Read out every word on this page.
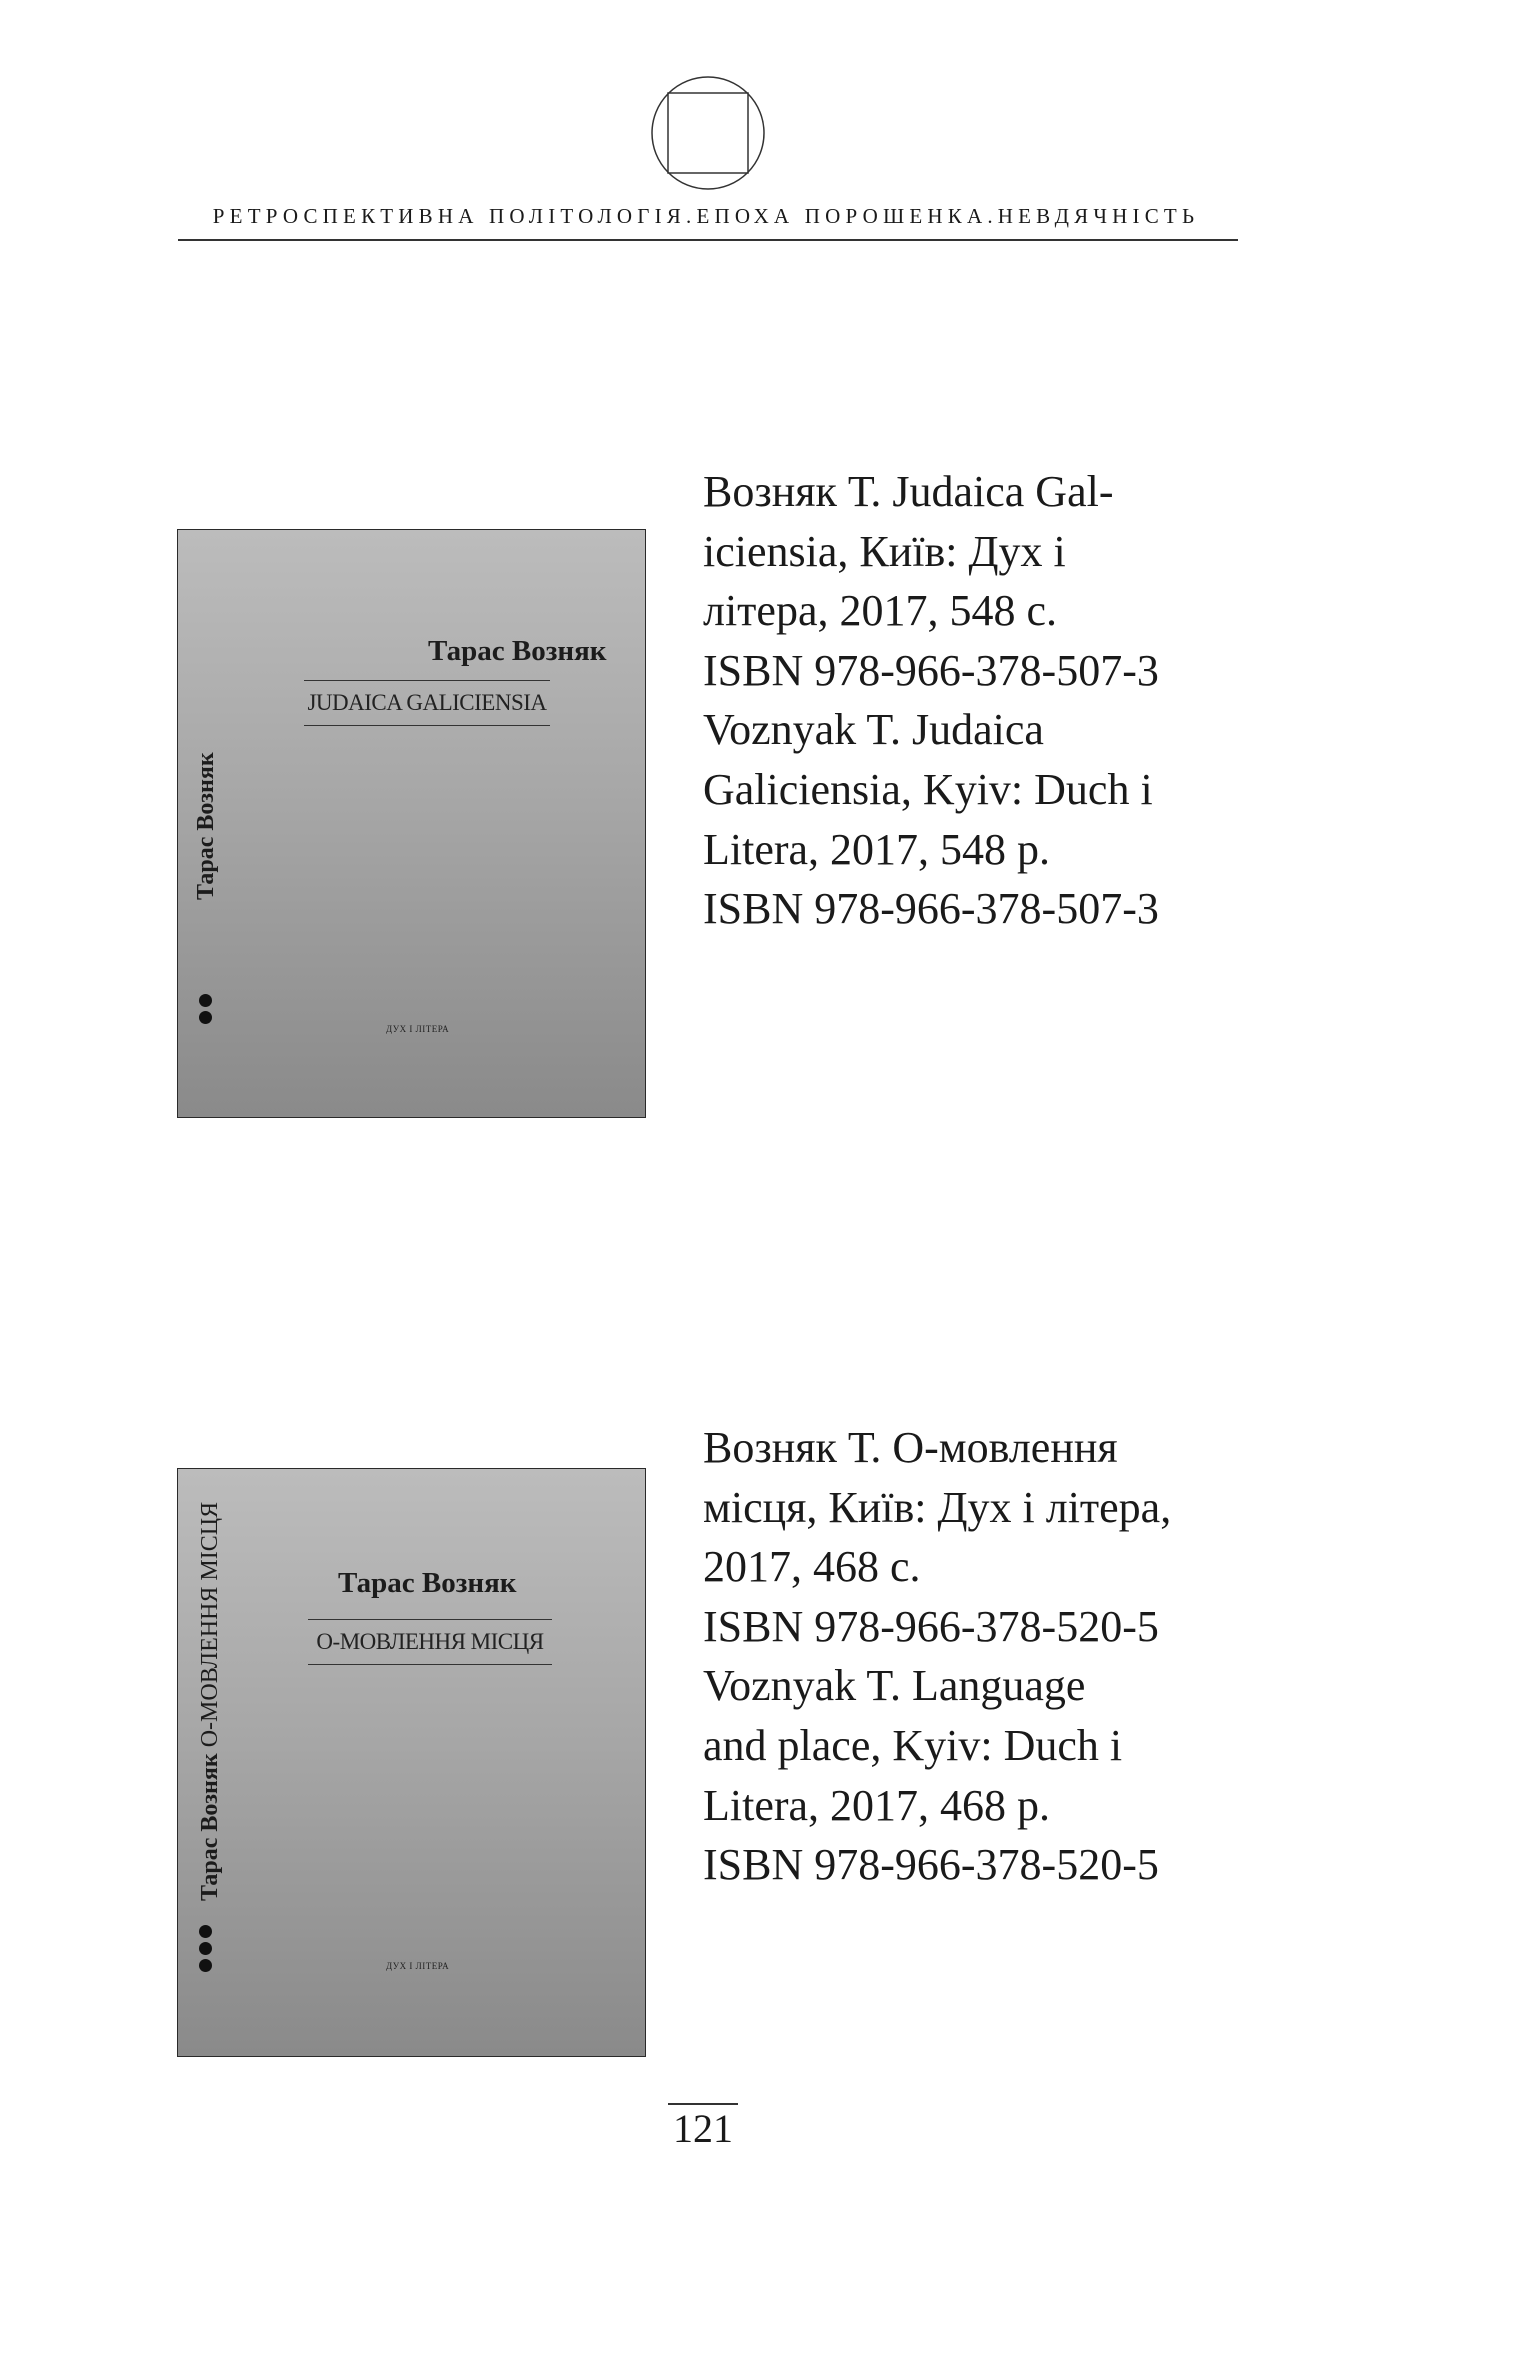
РЕТРОСПЕКТИВНА ПОЛІТОЛОГІЯ.ЕПОХА ПОРОШЕНКА.НЕВДЯЧНІСТЬ
Тарас Возняк
JUDAICA GALICIENSIA
Тарас Возняк
ДУХ І ЛІТЕРА
Возняк Т. Judaica Gal-
iciensia, Київ: Дух і
літера, 2017, 548 с.
ISBN 978-966-378-507-3
Voznyak T. Judaica
Galiciensia, Kyiv: Duch i
Litera, 2017, 548 p.
ISBN 978-966-378-507-3
Тарас Возняк
О-МОВЛЕННЯ МІСЦЯ
Тарас Возняк О-МОВЛЕННЯ МІСЦЯ
ДУХ І ЛІТЕРА
Возняк Т. О-мовлення
місця, Київ: Дух і літера,
2017, 468 с.
ISBN 978-966-378-520-5
Voznyak T. Language
and place, Kyiv: Duch i
Litera, 2017, 468 p.
ISBN 978-966-378-520-5
121
